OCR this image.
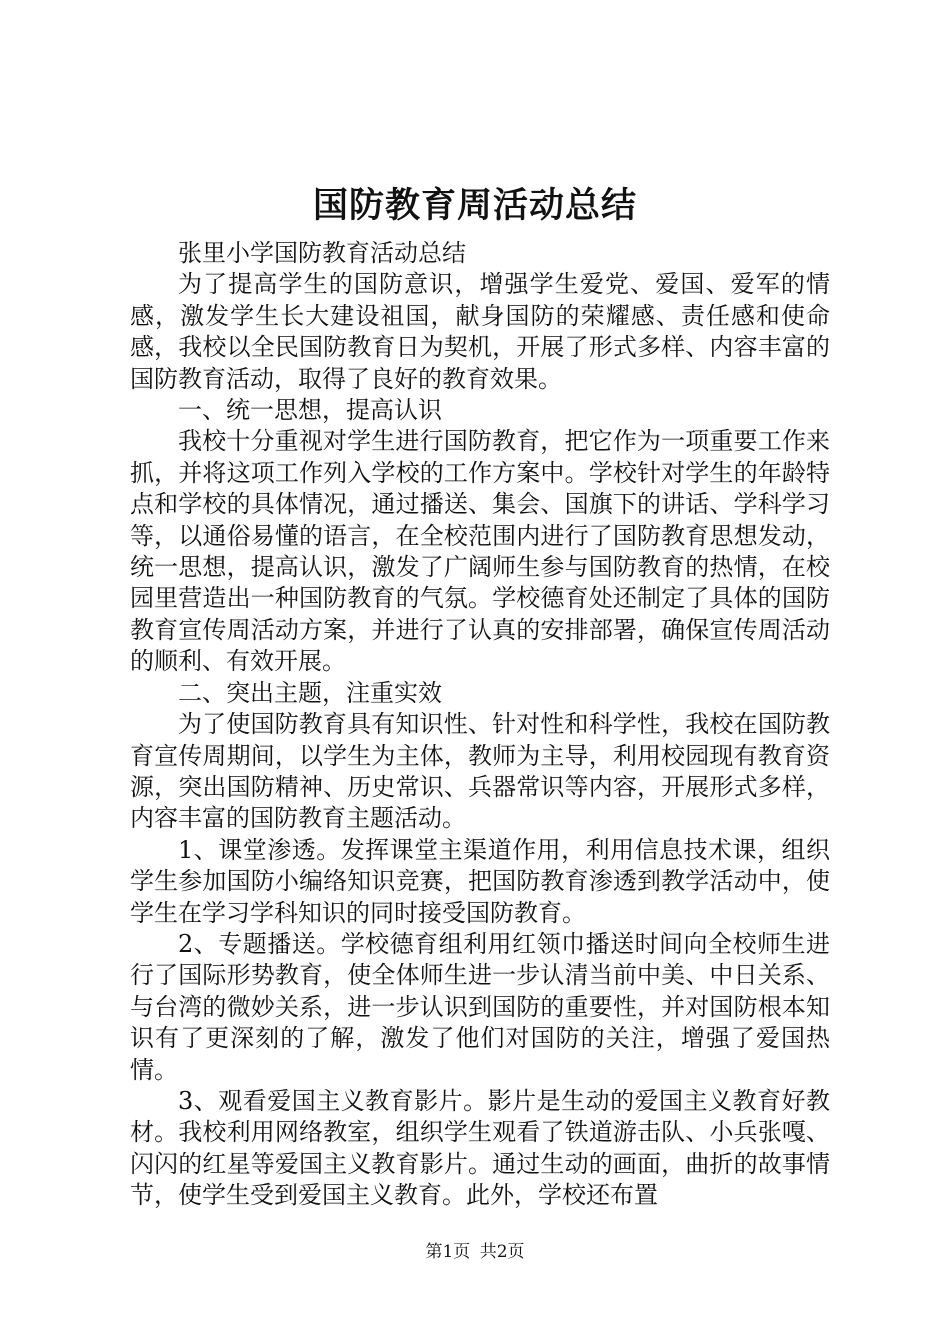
国防教育周活动总结

张里小学国防教育活动总结

为了提高学生的国防意识，增强学生爱党、爱国、爱军的情感，激发学生长大建设祖国，献身国防的荣耀感、责任感和使命感，我校以全民国防教育日为契机，开展了形式多样、内容丰富的国防教育活动，取得了良好的教育效果。

一、统一思想，提高认识

我校十分重视对学生进行国防教育，把它作为一项重要工作来抓，并将这项工作列入学校的工作方案中。学校针对学生的年龄特点和学校的具体情况，通过播送、集会、国旗下的讲话、学科学习等，以通俗易懂的语言，在全校范围内进行了国防教育思想发动，统一思想，提高认识，激发了广阔师生参与国防教育的热情，在校园里营造出一种国防教育的气氛。学校德育处还制定了具体的国防教育宣传周活动方案，并进行了认真的安排部署，确保宣传周活动的顺利、有效开展。

二、突出主题，注重实效

为了使国防教育具有知识性、针对性和科学性，我校在国防教育宣传周期间，以学生为主体，教师为主导，利用校园现有教育资源，突出国防精神、历史常识、兵器常识等内容，开展形式多样，内容丰富的国防教育主题活动。

1、课堂渗透。发挥课堂主渠道作用，利用信息技术课，组织学生参加国防小编络知识竞赛，把国防教育渗透到教学活动中，使学生在学习学科知识的同时接受国防教育。

2、专题播送。学校德育组利用红领巾播送时间向全校师生进行了国际形势教育，使全体师生进一步认清当前中美、中日关系、与台湾的微妙关系，进一步认识到国防的重要性，并对国防根本知识有了更深刻的了解，激发了他们对国防的关注，增强了爱国热情。

3、观看爱国主义教育影片。影片是生动的爱国主义教育好教材。我校利用网络教室，组织学生观看了铁道游击队、小兵张嘎、闪闪的红星等爱国主义教育影片。通过生动的画面，曲折的故事情节，使学生受到爱国主义教育。此外，学校还布置

第1页 共2页
